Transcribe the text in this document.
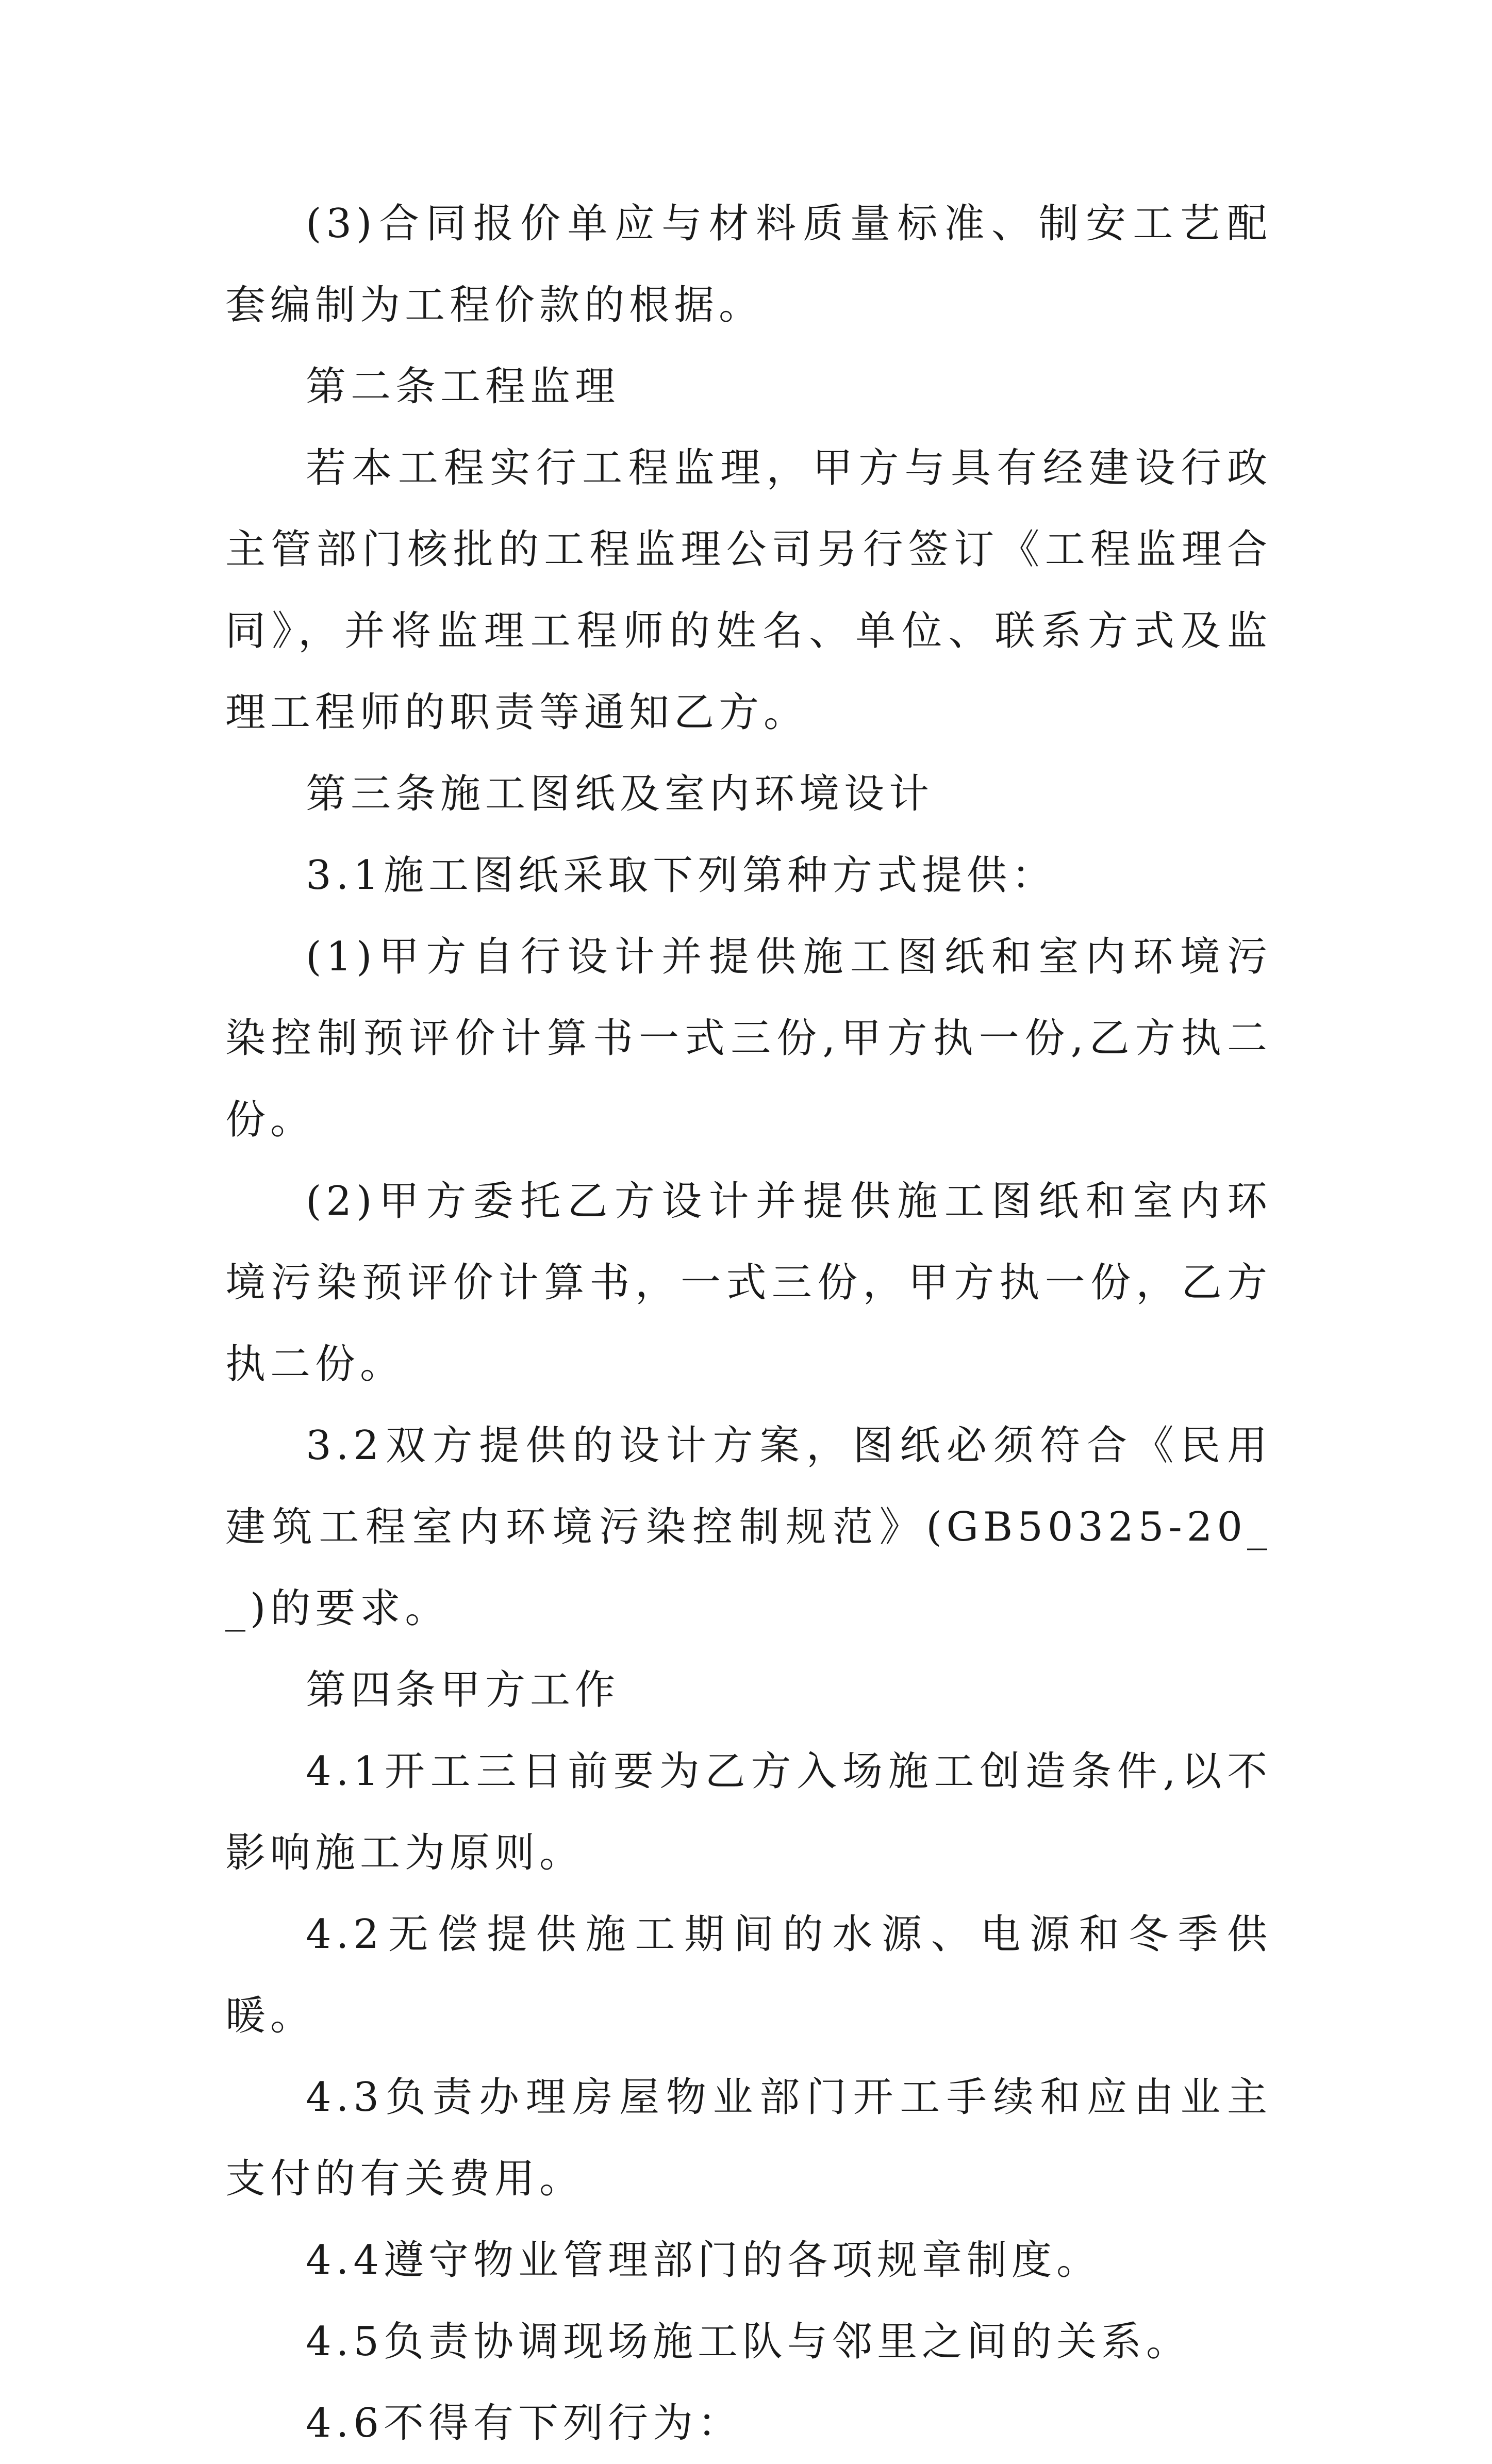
(3)合同报价单应与材料质量标准、制安工艺配套编制为工程价款的根据。

第二条工程监理

若本工程实行工程监理，甲方与具有经建设行政主管部门核批的工程监理公司另行签订《工程监理合同》，并将监理工程师的姓名、单位、联系方式及监理工程师的职责等通知乙方。

第三条施工图纸及室内环境设计

3.1施工图纸采取下列第种方式提供：

(1)甲方自行设计并提供施工图纸和室内环境污染控制预评价计算书一式三份,甲方执一份,乙方执二份。

(2)甲方委托乙方设计并提供施工图纸和室内环境污染预评价计算书，一式三份，甲方执一份，乙方执二份。

3.2双方提供的设计方案，图纸必须符合《民用建筑工程室内环境污染控制规范》(GB50325-20__)的要求。

第四条甲方工作

4.1开工三日前要为乙方入场施工创造条件,以不影响施工为原则。

4.2无偿提供施工期间的水源、电源和冬季供暖。

4.3负责办理房屋物业部门开工手续和应由业主支付的有关费用。

4.4遵守物业管理部门的各项规章制度。

4.5负责协调现场施工队与邻里之间的关系。

4.6不得有下列行为：
